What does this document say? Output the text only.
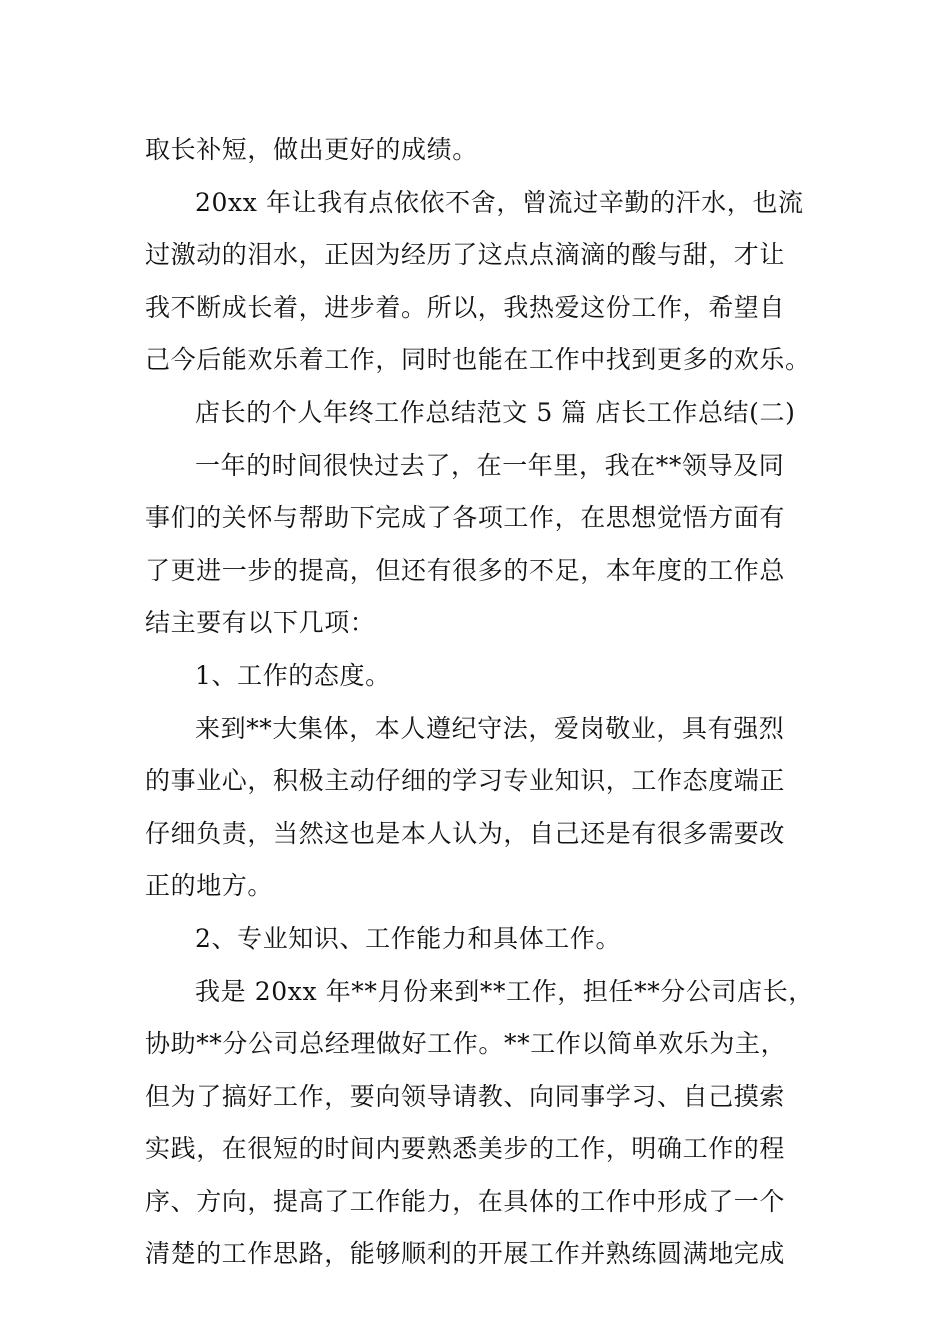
取长补短，做出更好的成绩。
20xx 年让我有点依依不舍，曾流过辛勤的汗水，也流
过激动的泪水，正因为经历了这点点滴滴的酸与甜，才让
我不断成长着，进步着。所以，我热爱这份工作，希望自
己今后能欢乐着工作，同时也能在工作中找到更多的欢乐。
店长的个人年终工作总结范文 5 篇 店长工作总结(二)
一年的时间很快过去了，在一年里，我在**领导及同
事们的关怀与帮助下完成了各项工作，在思想觉悟方面有
了更进一步的提高，但还有很多的不足，本年度的工作总
结主要有以下几项：
1、工作的态度。
来到**大集体，本人遵纪守法，爱岗敬业，具有强烈
的事业心，积极主动仔细的学习专业知识，工作态度端正
仔细负责，当然这也是本人认为，自己还是有很多需要改
正的地方。
2、专业知识、工作能力和具体工作。
我是 20xx 年**月份来到**工作，担任**分公司店长，
协助**分公司总经理做好工作。**工作以简单欢乐为主，
但为了搞好工作，要向领导请教、向同事学习、自己摸索
实践，在很短的时间内要熟悉美步的工作，明确工作的程
序、方向，提高了工作能力，在具体的工作中形成了一个
清楚的工作思路，能够顺利的开展工作并熟练圆满地完成
